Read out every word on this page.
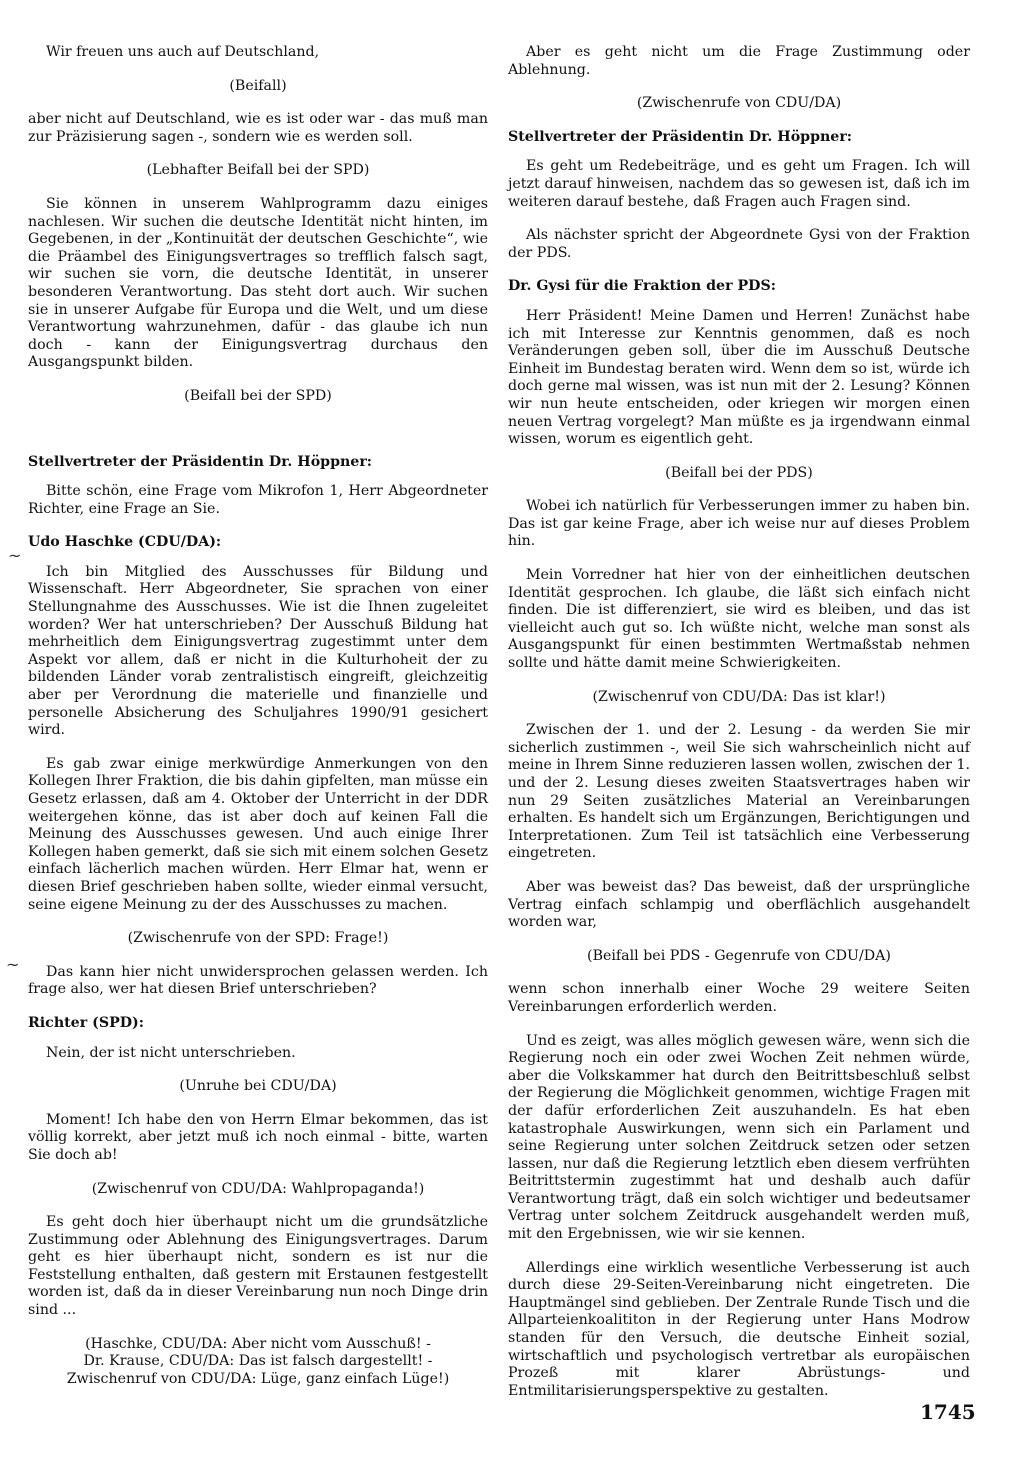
Wir freuen uns auch auf Deutschland,

(Beifall)

aber nicht auf Deutschland, wie es ist oder war - das muß man zur Präzisierung sagen -, sondern wie es werden soll.

(Lebhafter Beifall bei der SPD)

Sie können in unserem Wahlprogramm dazu einiges nachlesen. Wir suchen die deutsche Identität nicht hinten, im Gegebenen, in der „Kontinuität der deutschen Geschichte“, wie die Präambel des Einigungsvertrages so trefflich falsch sagt, wir suchen sie vorn, die deutsche Identität, in unserer besonderen Verantwortung. Das steht dort auch. Wir suchen sie in unserer Aufgabe für Europa und die Welt, und um diese Verantwortung wahrzunehmen, dafür - das glaube ich nun doch - kann der Einigungsvertrag durchaus den Ausgangspunkt bilden.

(Beifall bei der SPD)

Stellvertreter der Präsidentin Dr. Höppner:

Bitte schön, eine Frage vom Mikrofon 1, Herr Abgeordneter Richter, eine Frage an Sie.

Udo Haschke (CDU/DA):

Ich bin Mitglied des Ausschusses für Bildung und Wissenschaft. Herr Abgeordneter, Sie sprachen von einer Stellungnahme des Ausschusses. Wie ist die Ihnen zugeleitet worden? Wer hat unterschrieben? Der Ausschuß Bildung hat mehrheitlich dem Einigungsvertrag zugestimmt unter dem Aspekt vor allem, daß er nicht in die Kulturhoheit der zu bildenden Länder vorab zentralistisch eingreift, gleichzeitig aber per Verordnung die materielle und finanzielle und personelle Absicherung des Schuljahres 1990/91 gesichert wird.

Es gab zwar einige merkwürdige Anmerkungen von den Kollegen Ihrer Fraktion, die bis dahin gipfelten, man müsse ein Gesetz erlassen, daß am 4. Oktober der Unterricht in der DDR weitergehen könne, das ist aber doch auf keinen Fall die Meinung des Ausschusses gewesen. Und auch einige Ihrer Kollegen haben gemerkt, daß sie sich mit einem solchen Gesetz einfach lächerlich machen würden. Herr Elmar hat, wenn er diesen Brief geschrieben haben sollte, wieder einmal versucht, seine eigene Meinung zu der des Ausschusses zu machen.

(Zwischenrufe von der SPD: Frage!)

Das kann hier nicht unwidersprochen gelassen werden. Ich frage also, wer hat diesen Brief unterschrieben?

Richter (SPD):

Nein, der ist nicht unterschrieben.

(Unruhe bei CDU/DA)

Moment! Ich habe den von Herrn Elmar bekommen, das ist völlig korrekt, aber jetzt muß ich noch einmal - bitte, warten Sie doch ab!

(Zwischenruf von CDU/DA: Wahlpropaganda!)

Es geht doch hier überhaupt nicht um die grundsätzliche Zustimmung oder Ablehnung des Einigungsvertrages. Darum geht es hier überhaupt nicht, sondern es ist nur die Feststellung enthalten, daß gestern mit Erstaunen festgestellt worden ist, daß da in dieser Vereinbarung nun noch Dinge drin sind ...

(Haschke, CDU/DA: Aber nicht vom Ausschuß! -

Dr. Krause, CDU/DA: Das ist falsch dargestellt! -

Zwischenruf von CDU/DA: Lüge, ganz einfach Lüge!)

Aber es geht nicht um die Frage Zustimmung oder Ablehnung.

(Zwischenrufe von CDU/DA)

Stellvertreter der Präsidentin Dr. Höppner:

Es geht um Redebeiträge, und es geht um Fragen. Ich will jetzt darauf hinweisen, nachdem das so gewesen ist, daß ich im weiteren darauf bestehe, daß Fragen auch Fragen sind.

Als nächster spricht der Abgeordnete Gysi von der Fraktion der PDS.

Dr. Gysi für die Fraktion der PDS:

Herr Präsident! Meine Damen und Herren! Zunächst habe ich mit Interesse zur Kenntnis genommen, daß es noch Veränderungen geben soll, über die im Ausschuß Deutsche Einheit im Bundestag beraten wird. Wenn dem so ist, würde ich doch gerne mal wissen, was ist nun mit der 2. Lesung? Können wir nun heute entscheiden, oder kriegen wir morgen einen neuen Vertrag vorgelegt? Man müßte es ja irgendwann einmal wissen, worum es eigentlich geht.

(Beifall bei der PDS)

Wobei ich natürlich für Verbesserungen immer zu haben bin. Das ist gar keine Frage, aber ich weise nur auf dieses Problem hin.

Mein Vorredner hat hier von der einheitlichen deutschen Identität gesprochen. Ich glaube, die läßt sich einfach nicht finden. Die ist differenziert, sie wird es bleiben, und das ist vielleicht auch gut so. Ich wüßte nicht, welche man sonst als Ausgangspunkt für einen bestimmten Wertmaßstab nehmen sollte und hätte damit meine Schwierigkeiten.

(Zwischenruf von CDU/DA: Das ist klar!)

Zwischen der 1. und der 2. Lesung - da werden Sie mir sicherlich zustimmen -, weil Sie sich wahrscheinlich nicht auf meine in Ihrem Sinne reduzieren lassen wollen, zwischen der 1. und der 2. Lesung dieses zweiten Staatsvertrages haben wir nun 29 Seiten zusätzliches Material an Vereinbarungen erhalten. Es handelt sich um Ergänzungen, Berichtigungen und Interpretationen. Zum Teil ist tatsächlich eine Verbesserung eingetreten.

Aber was beweist das? Das beweist, daß der ursprüngliche Vertrag einfach schlampig und oberflächlich ausgehandelt worden war,

(Beifall bei PDS - Gegenrufe von CDU/DA)

wenn schon innerhalb einer Woche 29 weitere Seiten Vereinbarungen erforderlich werden.

Und es zeigt, was alles möglich gewesen wäre, wenn sich die Regierung noch ein oder zwei Wochen Zeit nehmen würde, aber die Volkskammer hat durch den Beitrittsbeschluß selbst der Regierung die Möglichkeit genommen, wichtige Fragen mit der dafür erforderlichen Zeit auszuhandeln. Es hat eben katastrophale Auswirkungen, wenn sich ein Parlament und seine Regierung unter solchen Zeitdruck setzen oder setzen lassen, nur daß die Regierung letztlich eben diesem verfrühten Beitrittstermin zugestimmt hat und deshalb auch dafür Verantwortung trägt, daß ein solch wichtiger und bedeutsamer Vertrag unter solchem Zeitdruck ausgehandelt werden muß, mit den Ergebnissen, wie wir sie kennen.

Allerdings eine wirklich wesentliche Verbesserung ist auch durch diese 29-Seiten-Vereinbarung nicht eingetreten. Die Hauptmängel sind geblieben. Der Zentrale Runde Tisch und die Allparteienkoalititon in der Regierung unter Hans Modrow standen für den Versuch, die deutsche Einheit sozial, wirtschaftlich und psychologisch vertretbar als europäischen Prozeß mit klarer Abrüstungs- und Entmilitarisierungsperspektive zu gestalten.

~
~
1745
